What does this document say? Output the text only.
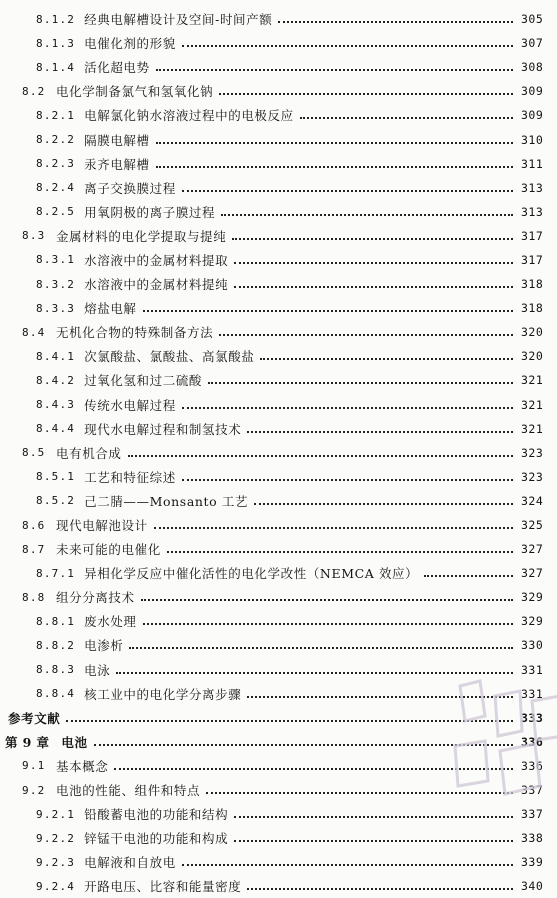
8.1.2 经典电解槽设计及空间-时间产额	305
8.1.3 电催化剂的形貌	307
8.1.4 活化超电势	308
8.2 电化学制备氯气和氢氧化钠	309
8.2.1 电解氯化钠水溶液过程中的电极反应	309
8.2.2 隔膜电解槽	310
8.2.3 汞齐电解槽	311
8.2.4 离子交换膜过程	313
8.2.5 用氧阴极的离子膜过程	313
8.3 金属材料的电化学提取与提纯	317
8.3.1 水溶液中的金属材料提取	317
8.3.2 水溶液中的金属材料提纯	318
8.3.3 熔盐电解	318
8.4 无机化合物的特殊制备方法	320
8.4.1 次氯酸盐、氯酸盐、高氯酸盐	320
8.4.2 过氧化氢和过二硫酸	321
8.4.3 传统水电解过程	321
8.4.4 现代水电解过程和制氢技术	321
8.5 电有机合成	323
8.5.1 工艺和特征综述	323
8.5.2 己二腈——Monsanto 工艺	324
8.6 现代电解池设计	325
8.7 未来可能的电催化	327
8.7.1 异相化学反应中催化活性的电化学改性（NEMCA 效应）	327
8.8 组分分离技术	329
8.8.1 废水处理	329
8.8.2 电渗析	330
8.8.3 电泳	331
8.8.4 核工业中的电化学分离步骤	331
参考文献	333
第 9 章 电池	336
9.1 基本概念	336
9.2 电池的性能、组件和特点	337
9.2.1 铅酸蓄电池的功能和结构	337
9.2.2 锌锰干电池的功能和构成	338
9.2.3 电解液和自放电	339
9.2.4 开路电压、比容和能量密度	340
